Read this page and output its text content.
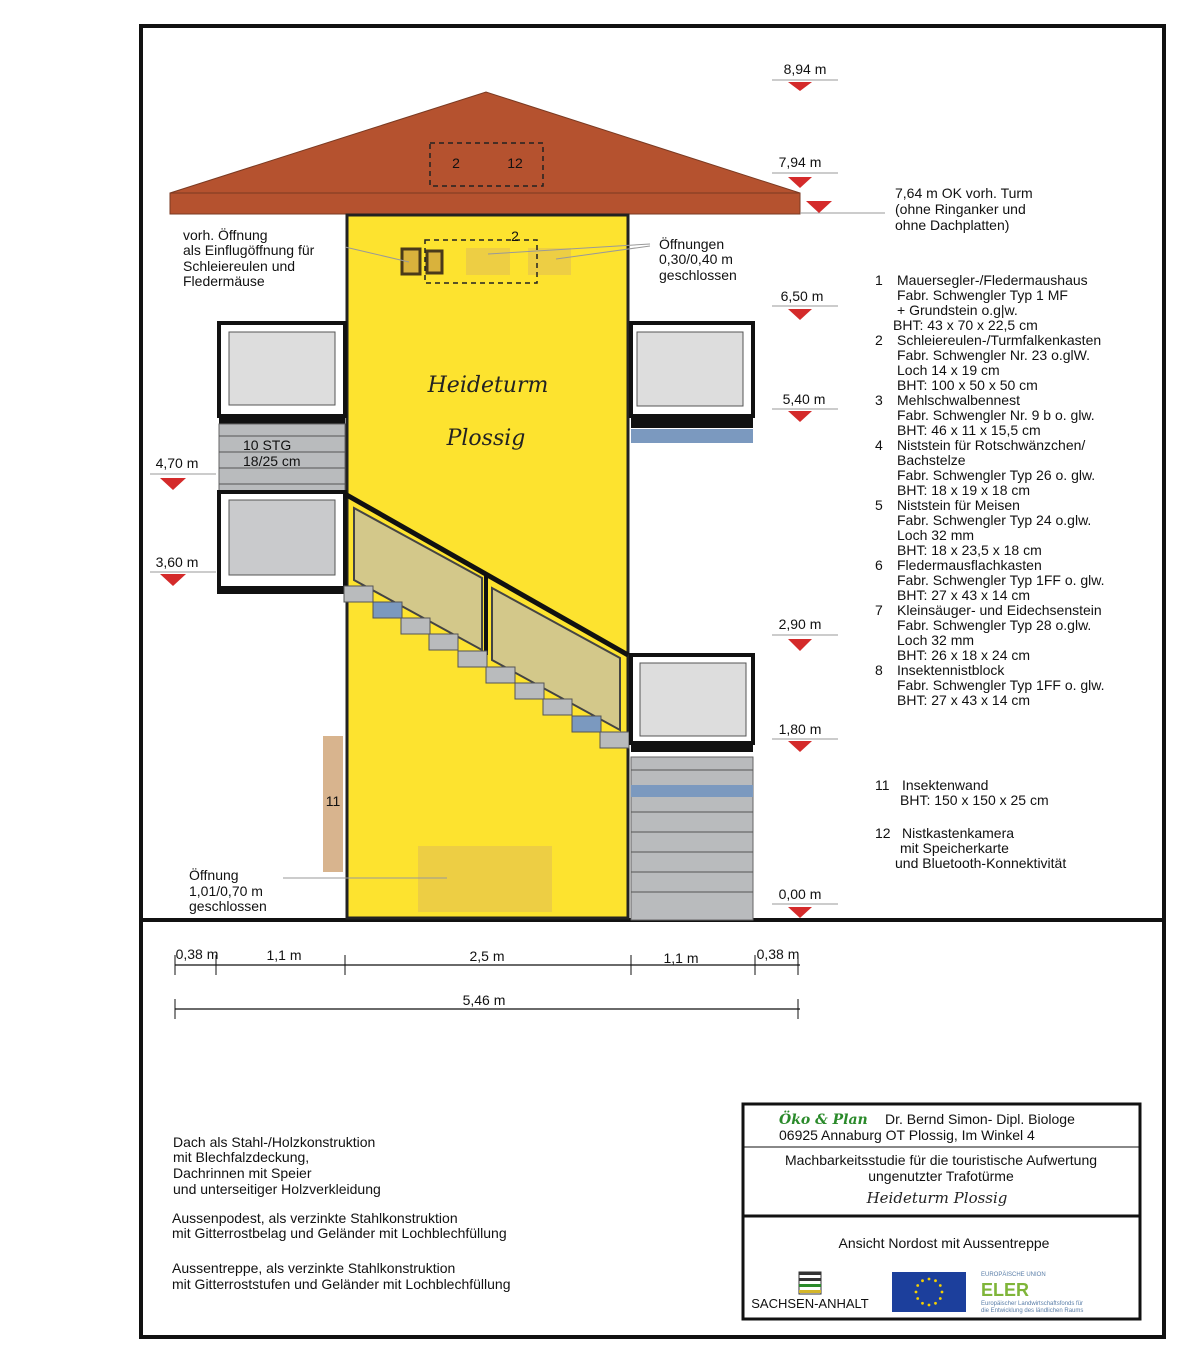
2	12
Heideturm
Plossig
2
11
10 STG
18/25 cm
8,94 m
7,94 m
6,50 m
5,40 m
4,70 m
3,60 m
2,90 m
1,80 m
0,00 m
7,64 m OK vorh. Turm
(ohne Ringanker und
ohne Dachplatten)
vorh. Öffnung
als Einflugöffnung für
Schleiereulen und
Fledermäuse
Öffnungen
0,30/0,40 m
geschlossen
Öffnung
1,01/0,70 m
geschlossen
1 Mauersegler-/Fledermaushaus
Fabr. Schwengler Typ 1 MF
+ Grundstein o.g|w.
BHT: 43 x 70 x 22,5 cm
2 Schleiereulen-/Turmfalkenkasten
Fabr. Schwengler Nr. 23 o.glW.
Loch 14 x 19 cm
BHT: 100 x 50 x 50 cm
3 Mehlschwalbennest
Fabr. Schwengler Nr. 9 b o. glw.
BHT: 46 x 11 x 15,5 cm
4 Niststein für Rotschwänzchen/
Bachstelze
Fabr. Schwengler Typ 26 o. glw.
BHT: 18 x 19 x 18 cm
5 Niststein für Meisen
Fabr. Schwengler Typ 24 o.glw.
Loch 32 mm
BHT: 18 x 23,5 x 18 cm
6 Fledermausflachkasten
Fabr. Schwengler Typ 1FF o. glw.
BHT: 27 x 43 x 14 cm
7 Kleinsäuger- und Eidechsenstein
Fabr. Schwengler Typ 28 o.glw.
Loch 32 mm
BHT: 26 x 18 x 24 cm
8 Insektennistblock
Fabr. Schwengler Typ 1FF o. glw.
BHT: 27 x 43 x 14 cm
11 Insektenwand
BHT: 150 x 150 x 25 cm
12 Nistkastenkamera
mit Speicherkarte
und Bluetooth-Konnektivität
0,38 m	1,1 m	2,5 m	1,1 m	0,38 m
5,46 m
Dach als Stahl-/Holzkonstruktion
mit Blechfalzdeckung,
Dachrinnen mit Speier
und unterseitiger Holzverkleidung
Aussenpodest, als verzinkte Stahlkonstruktion
mit Gitterrostbelag und Geländer mit Lochblechfüllung
Aussentreppe, als verzinkte Stahlkonstruktion
mit Gitterroststufen und Geländer mit Lochblechfüllung
Öko & Plan Dr. Bernd Simon- Dipl. Biologe
06925 Annaburg OT Plossig, Im Winkel 4
Machbarkeitsstudie für die touristische Aufwertung
ungenutzter Trafotürme
Heideturm Plossig
Ansicht Nordost mit Aussentreppe
SACHSEN-ANHALT
EUROPÄISCHE UNION
ELER
Europäischer Landwirtschaftsfonds für
die Entwicklung des ländlichen Raums
